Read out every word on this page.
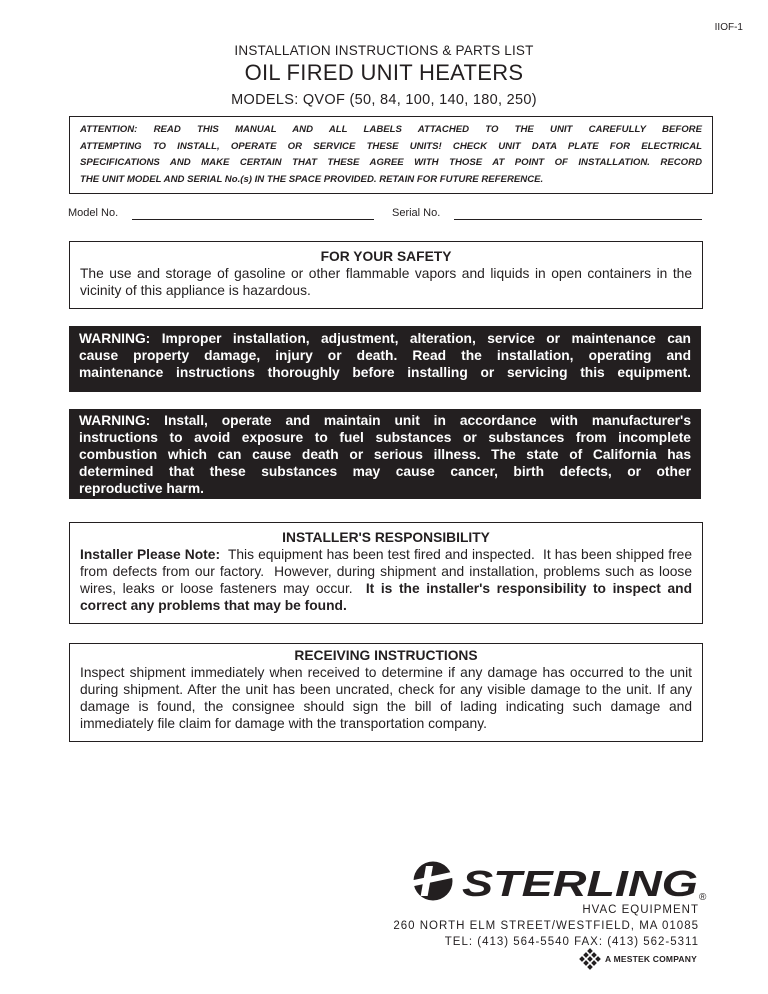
IIOF-1
INSTALLATION INSTRUCTIONS & PARTS LIST
OIL FIRED UNIT HEATERS
MODELS: QVOF (50, 84, 100, 140, 180, 250)
ATTENTION: READ THIS MANUAL AND ALL LABELS ATTACHED TO THE UNIT CAREFULLY BEFORE
ATTEMPTING TO INSTALL, OPERATE OR SERVICE THESE UNITS! CHECK UNIT DATA PLATE FOR ELECTRICAL
SPECIFICATIONS AND MAKE CERTAIN THAT THESE AGREE WITH THOSE AT POINT OF INSTALLATION. RECORD
THE UNIT MODEL AND SERIAL No.(s) IN THE SPACE PROVIDED. RETAIN FOR FUTURE REFERENCE.
Model No.	Serial No.
FOR YOUR SAFETY
The use and storage of gasoline or other flammable vapors and liquids in open containers in the vicinity of this appliance is hazardous.
WARNING: Improper installation, adjustment, alteration, service or maintenance can
cause property damage, injury or death. Read the installation, operating and
maintenance instructions thoroughly before installing or servicing this equipment.
WARNING: Install, operate and maintain unit in accordance with manufacturer's
instructions to avoid exposure to fuel substances or substances from incomplete
combustion which can cause death or serious illness. The state of California has
determined that these substances may cause cancer, birth defects, or other
reproductive harm.
INSTALLER'S RESPONSIBILITY
Installer Please Note:  This equipment has been test fired and inspected.  It has been shipped free from defects from our factory.  However, during shipment and installation, problems such as loose wires, leaks or loose fasteners may occur.  It is the installer's responsibility to inspect and correct any problems that may be found.
RECEIVING INSTRUCTIONS
Inspect shipment immediately when received to determine if any damage has occurred to the unit during shipment. After the unit has been uncrated, check for any visible damage to the unit. If any damage is found, the consignee should sign the bill of lading indicating such damage and immediately file claim for damage with the transportation company.
STERLING ®
HVAC EQUIPMENT
260 NORTH ELM STREET/WESTFIELD, MA 01085
TEL: (413) 564-5540 FAX: (413) 562-5311
A MESTEK COMPANY
